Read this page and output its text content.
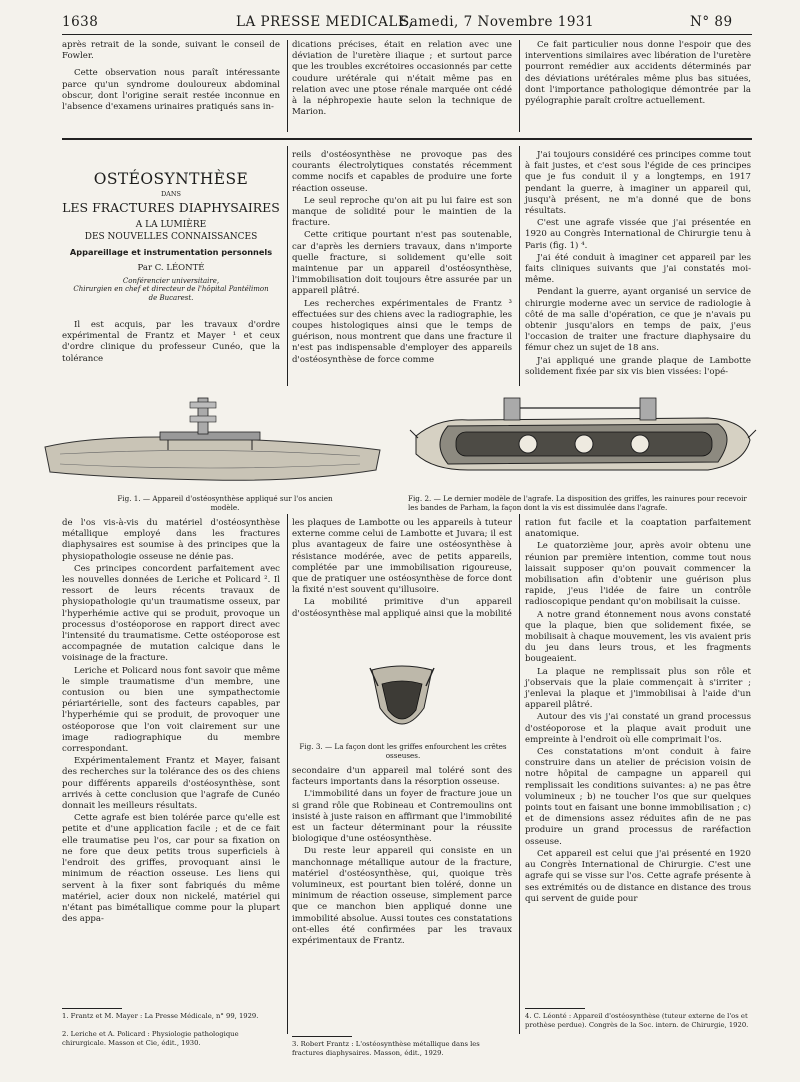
1638	LA PRESSE MEDICALE,
Samedi, 7 Novembre 1931	N° 89

après retrait de la sonde, suivant le conseil de Fowler.

Cette observation nous paraît intéressante parce qu'un syndrome douloureux abdominal obscur, dont l'origine serait restée inconnue en l'absence d'examens urinaires pratiqués sans in-

dications précises, était en relation avec une déviation de l'uretère iliaque ; et surtout parce que les troubles excrétoires occasionnés par cette coudure urétérale qui n'était même pas en relation avec une ptose rénale marquée ont cédé à la néphropexie haute selon la technique de Marion.

Ce fait particulier nous donne l'espoir que des interventions similaires avec libération de l'uretère pourront remédier aux accidents déterminés par des déviations urétérales même plus bas situées, dont l'importance pathologique démontrée par la pyélographie paraît croître actuellement.

OSTÉOSYNTHÈSE
DANS
LES FRACTURES DIAPHYSAIRES
A LA LUMIÈRE
DES NOUVELLES CONNAISSANCES
Appareillage et instrumentation personnels
Par C. LÉONTÉ
Conférencier universitaire,
Chirurgien en chef et directeur de l'hôpital Pantélimon de Bucarest.

Il est acquis, par les travaux d'ordre expérimental de Frantz et Mayer ¹ et ceux d'ordre clinique du professeur Cunéo, que la tolérance

reils d'ostéosynthèse ne provoque pas des courants électrolytiques constatés récemment comme nocifs et capables de produire une forte réaction osseuse.

Le seul reproche qu'on ait pu lui faire est son manque de solidité pour le maintien de la fracture.

Cette critique pourtant n'est pas soutenable, car d'après les derniers travaux, dans n'importe quelle fracture, si solidement qu'elle soit maintenue par un appareil d'ostéosynthèse, l'immobilisation doit toujours être assurée par un appareil plâtré.

Les recherches expérimentales de Frantz ³ effectuées sur des chiens avec la radiographie, les coupes histologiques ainsi que le temps de guérison, nous montrent que dans une fracture il n'est pas indispensable d'employer des appareils d'ostéosynthèse de force comme

J'ai toujours considéré ces principes comme tout à fait justes, et c'est sous l'égide de ces principes que je fus conduit il y a longtemps, en 1917 pendant la guerre, à imaginer un appareil qui, jusqu'à présent, ne m'a donné que de bons résultats.

C'est une agrafe vissée que j'ai présentée en 1920 au Congrès International de Chirurgie tenu à Paris (fig. 1) ⁴.

J'ai été conduit à imaginer cet appareil par les faits cliniques suivants que j'ai constatés moi-même.

Pendant la guerre, ayant organisé un service de chirurgie moderne avec un service de radiologie à côté de ma salle d'opération, ce que je n'avais pu obtenir jusqu'alors en temps de paix, j'eus l'occasion de traiter une fracture diaphysaire du fémur chez un sujet de 18 ans.

J'ai appliqué une grande plaque de Lambotte solidement fixée par six vis bien vissées: l'opé-

Fig. 1. — Appareil d'ostéosynthèse appliqué sur l'os ancien modèle.
Fig. 2. — Le dernier modèle de l'agrafe. La disposition des griffes, les rainures pour recevoir les bandes de Parham, la façon dont la vis est dissimulée dans l'agrafe.

de l'os vis-à-vis du matériel d'ostéosynthèse métallique employé dans les fractures diaphysaires est soumise à des principes que la physiopathologie osseuse ne dénie pas.

Ces principes concordent parfaitement avec les nouvelles données de Leriche et Policard ². Il ressort de leurs récents travaux de physiopathologie qu'un traumatisme osseux, par l'hyperhémie active qui se produit, provoque un processus d'ostéoporose en rapport direct avec l'intensité du traumatisme. Cette ostéoporose est accompagnée de mutation calcique dans le voisinage de la fracture.

Leriche et Policard nous font savoir que même le simple traumatisme d'un membre, une contusion ou bien une sympathectomie périartérielle, sont des facteurs capables, par l'hyperhémie qui se produit, de provoquer une ostéoporose que l'on voit clairement sur une image radiographique du membre correspondant.

Expérimentalement Frantz et Mayer, faisant des recherches sur la tolérance des os des chiens pour différents appareils d'ostéosynthèse, sont arrivés à cette conclusion que l'agrafe de Cunéo donnait les meilleurs résultats.

Cette agrafe est bien tolérée parce qu'elle est petite et d'une application facile ; et de ce fait elle traumatise peu l'os, car pour sa fixation on ne fore que deux petits trous superficiels à l'endroit des griffes, provoquant ainsi le minimum de réaction osseuse. Les liens qui servent à la fixer sont fabriqués du même matériel, acier doux non nickelé, matériel qui n'étant pas bimétallique comme pour la plupart des appa-

les plaques de Lambotte ou les appareils à tuteur externe comme celui de Lambotte et Juvara; il est plus avantageux de faire une ostéosynthèse à résistance modérée, avec de petits appareils, complétée par une immobilisation rigoureuse, que de pratiquer une ostéosynthèse de force dont la fixité n'est souvent qu'illusoire.

La mobilité primitive d'un appareil d'ostéosynthèse mal appliqué ainsi que la mobilité

Fig. 3. — La façon dont les griffes enfourchent les crêtes osseuses.

secondaire d'un appareil mal toléré sont des facteurs importants dans la résorption osseuse.

L'immobilité dans un foyer de fracture joue un si grand rôle que Robineau et Contremoulins ont insisté à juste raison en affirmant que l'immobilité est un facteur déterminant pour la réussite biologique d'une ostéosynthèse.

Du reste leur appareil qui consiste en un manchonnage métallique autour de la fracture, matériel d'ostéosynthèse, qui, quoique très volumineux, est pourtant bien toléré, donne un minimum de réaction osseuse, simplement parce que ce manchon bien appliqué donne une immobilité absolue. Aussi toutes ces constatations ont-elles été confirmées par les travaux expérimentaux de Frantz.

ration fut facile et la coaptation parfaitement anatomique.

Le quatorzième jour, après avoir obtenu une réunion par première intention, comme tout nous laissait supposer qu'on pouvait commencer la mobilisation afin d'obtenir une guérison plus rapide, j'eus l'idée de faire un contrôle radioscopique pendant qu'on mobilisait la cuisse.

A notre grand étonnement nous avons constaté que la plaque, bien que solidement fixée, se mobilisait à chaque mouvement, les vis avaient pris du jeu dans leurs trous, et les fragments bougeaient.

La plaque ne remplissait plus son rôle et j'observais que la plaie commençait à s'irriter ; j'enlevai la plaque et j'immobilisai à l'aide d'un appareil plâtré.

Autour des vis j'ai constaté un grand processus d'ostéoporose et la plaque avait produit une empreinte à l'endroit où elle comprimait l'os.

Ces constatations m'ont conduit à faire construire dans un atelier de précision voisin de notre hôpital de campagne un appareil qui remplissait les conditions suivantes: a) ne pas être volumineux ; b) ne toucher l'os que sur quelques points tout en faisant une bonne immobilisation ; c) et de dimensions assez réduites afin de ne pas produire un grand processus de raréfaction osseuse.

Cet appareil est celui que j'ai présenté en 1920 au Congrès International de Chirurgie. C'est une agrafe qui se visse sur l'os. Cette agrafe présente à ses extrémités ou de distance en distance des trous qui servent de guide pour

1. Frantz et M. Mayer : La Presse Médicale, n° 99, 1929.
2. Leriche et A. Policard : Physiologie pathologique chirurgicale. Masson et Cie, édit., 1930.	3. Robert Frantz : L'ostéosynthèse métallique dans les fractures diaphysaires. Masson, édit., 1929.
4. C. Léonté : Appareil d'ostéosynthèse (tuteur externe de l'os et prothèse perdue). Congrès de la Soc. intern. de Chirurgie, 1920.
